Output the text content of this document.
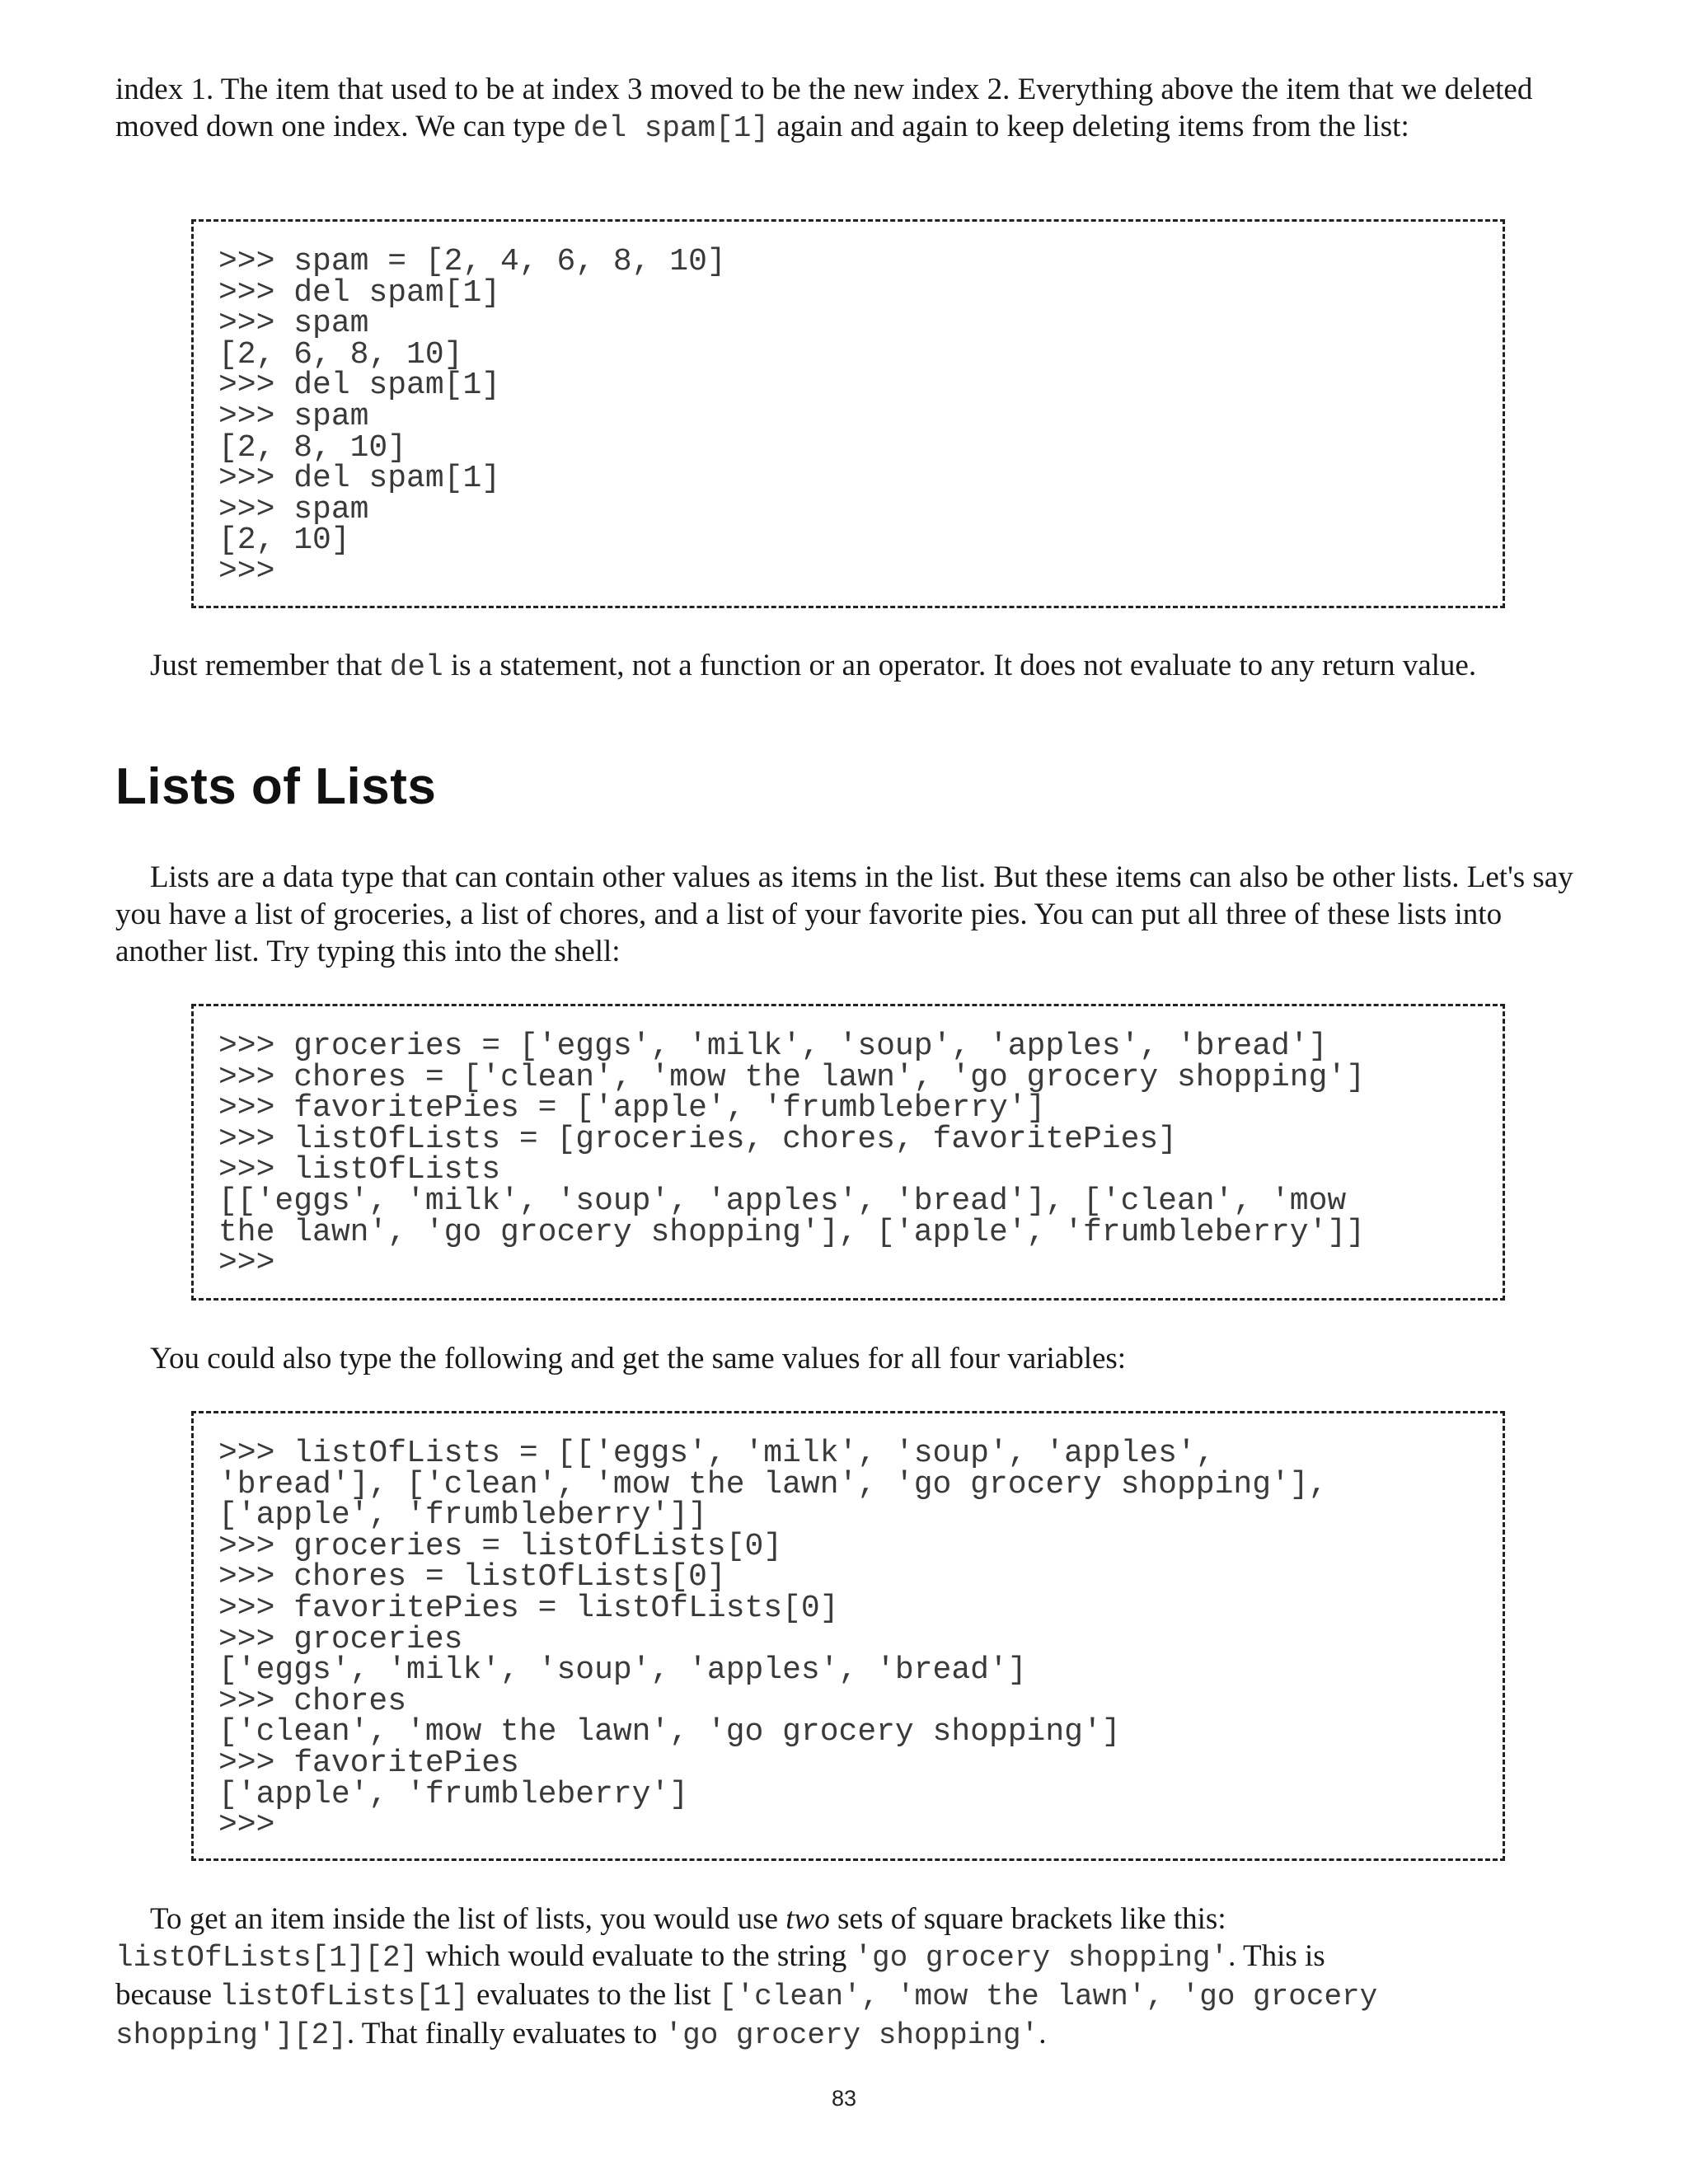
index 1. The item that used to be at index 3 moved to be the new index 2. Everything above the item that we deleted moved down one index. We can type del spam[1] again and again to keep deleting items from the list:

>>> spam = [2, 4, 6, 8, 10]
>>> del spam[1]
>>> spam
[2, 6, 8, 10]
>>> del spam[1]
>>> spam
[2, 8, 10]
>>> del spam[1]
>>> spam
[2, 10]
>>>

Just remember that del is a statement, not a function or an operator. It does not evaluate to any return value.

Lists of Lists

Lists are a data type that can contain other values as items in the list. But these items can also be other lists. Let's say you have a list of groceries, a list of chores, and a list of your favorite pies. You can put all three of these lists into another list. Try typing this into the shell:

>>> groceries = ['eggs', 'milk', 'soup', 'apples', 'bread']
>>> chores = ['clean', 'mow the lawn', 'go grocery shopping']
>>> favoritePies = ['apple', 'frumbleberry']
>>> listOfLists = [groceries, chores, favoritePies]
>>> listOfLists
[['eggs', 'milk', 'soup', 'apples', 'bread'], ['clean', 'mow
the lawn', 'go grocery shopping'], ['apple', 'frumbleberry']]
>>>

You could also type the following and get the same values for all four variables:

>>> listOfLists = [['eggs', 'milk', 'soup', 'apples',
'bread'], ['clean', 'mow the lawn', 'go grocery shopping'],
['apple', 'frumbleberry']]
>>> groceries = listOfLists[0]
>>> chores = listOfLists[0]
>>> favoritePies = listOfLists[0]
>>> groceries
['eggs', 'milk', 'soup', 'apples', 'bread']
>>> chores
['clean', 'mow the lawn', 'go grocery shopping']
>>> favoritePies
['apple', 'frumbleberry']
>>>

To get an item inside the list of lists, you would use two sets of square brackets like this:
listOfLists[1][2] which would evaluate to the string 'go grocery shopping'. This is
because listOfLists[1] evaluates to the list ['clean', 'mow the lawn', 'go grocery
shopping'][2]. That finally evaluates to 'go grocery shopping'.

83
